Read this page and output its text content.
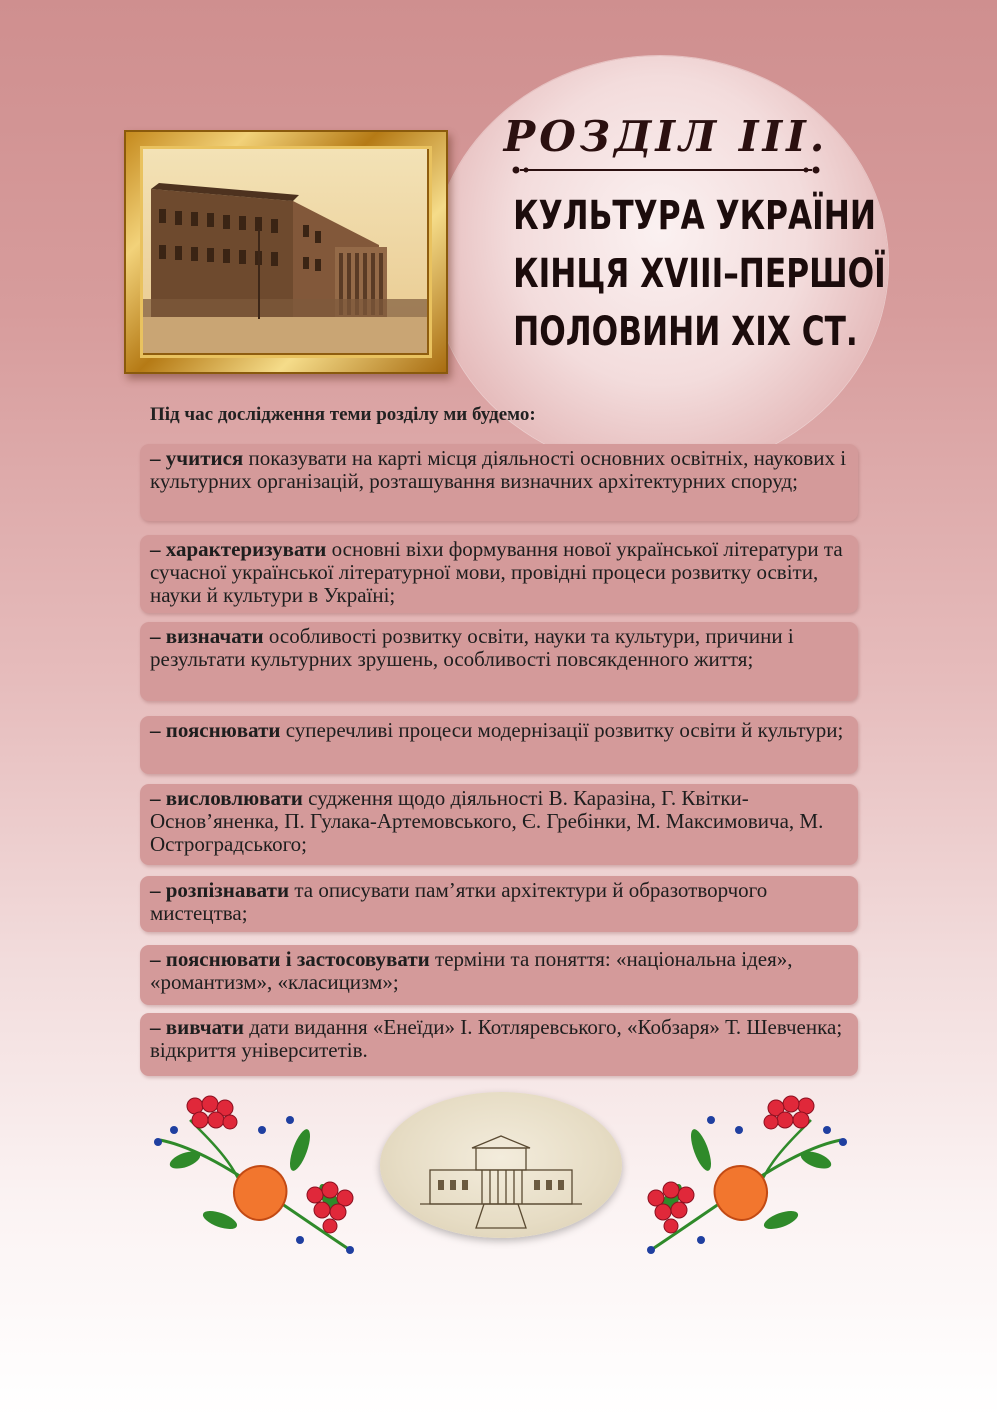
РОЗДІЛ ІІІ.

КУЛЬТУРА УКРАЇНИ

КІНЦЯ XVIII–ПЕРШОЇ

ПОЛОВИНИ XIX СТ.

Під час дослідження теми розділу ми будемо:

– учитися показувати на карті місця діяльності основних освітніх, наукових і культурних організацій, розташування визначних архітектурних споруд;
– характеризувати основні віхи формування нової української літератури та сучасної української літературної мови, провідні процеси розвитку освіти, науки й культури в Україні;
– визначати особливості розвитку освіти, науки та культури, причини і результати культурних зрушень, особливості повсякденного життя;
– пояснювати суперечливі процеси модернізації розвитку освіти й культури;
– висловлювати судження щодо діяльності В. Каразіна, Г. Квітки-Основ’яненка, П. Гулака-Артемовського, Є. Гребінки, М. Максимовича, М. Остроградського;
– розпізнавати та описувати пам’ятки архітектури й образотворчого мистецтва;
– пояснювати і застосовувати терміни та поняття: «національна ідея», «романтизм», «класицизм»;
– вивчати дати видання «Енеїди» І. Котляревського, «Кобзаря» Т. Шевченка; відкриття університетів.
